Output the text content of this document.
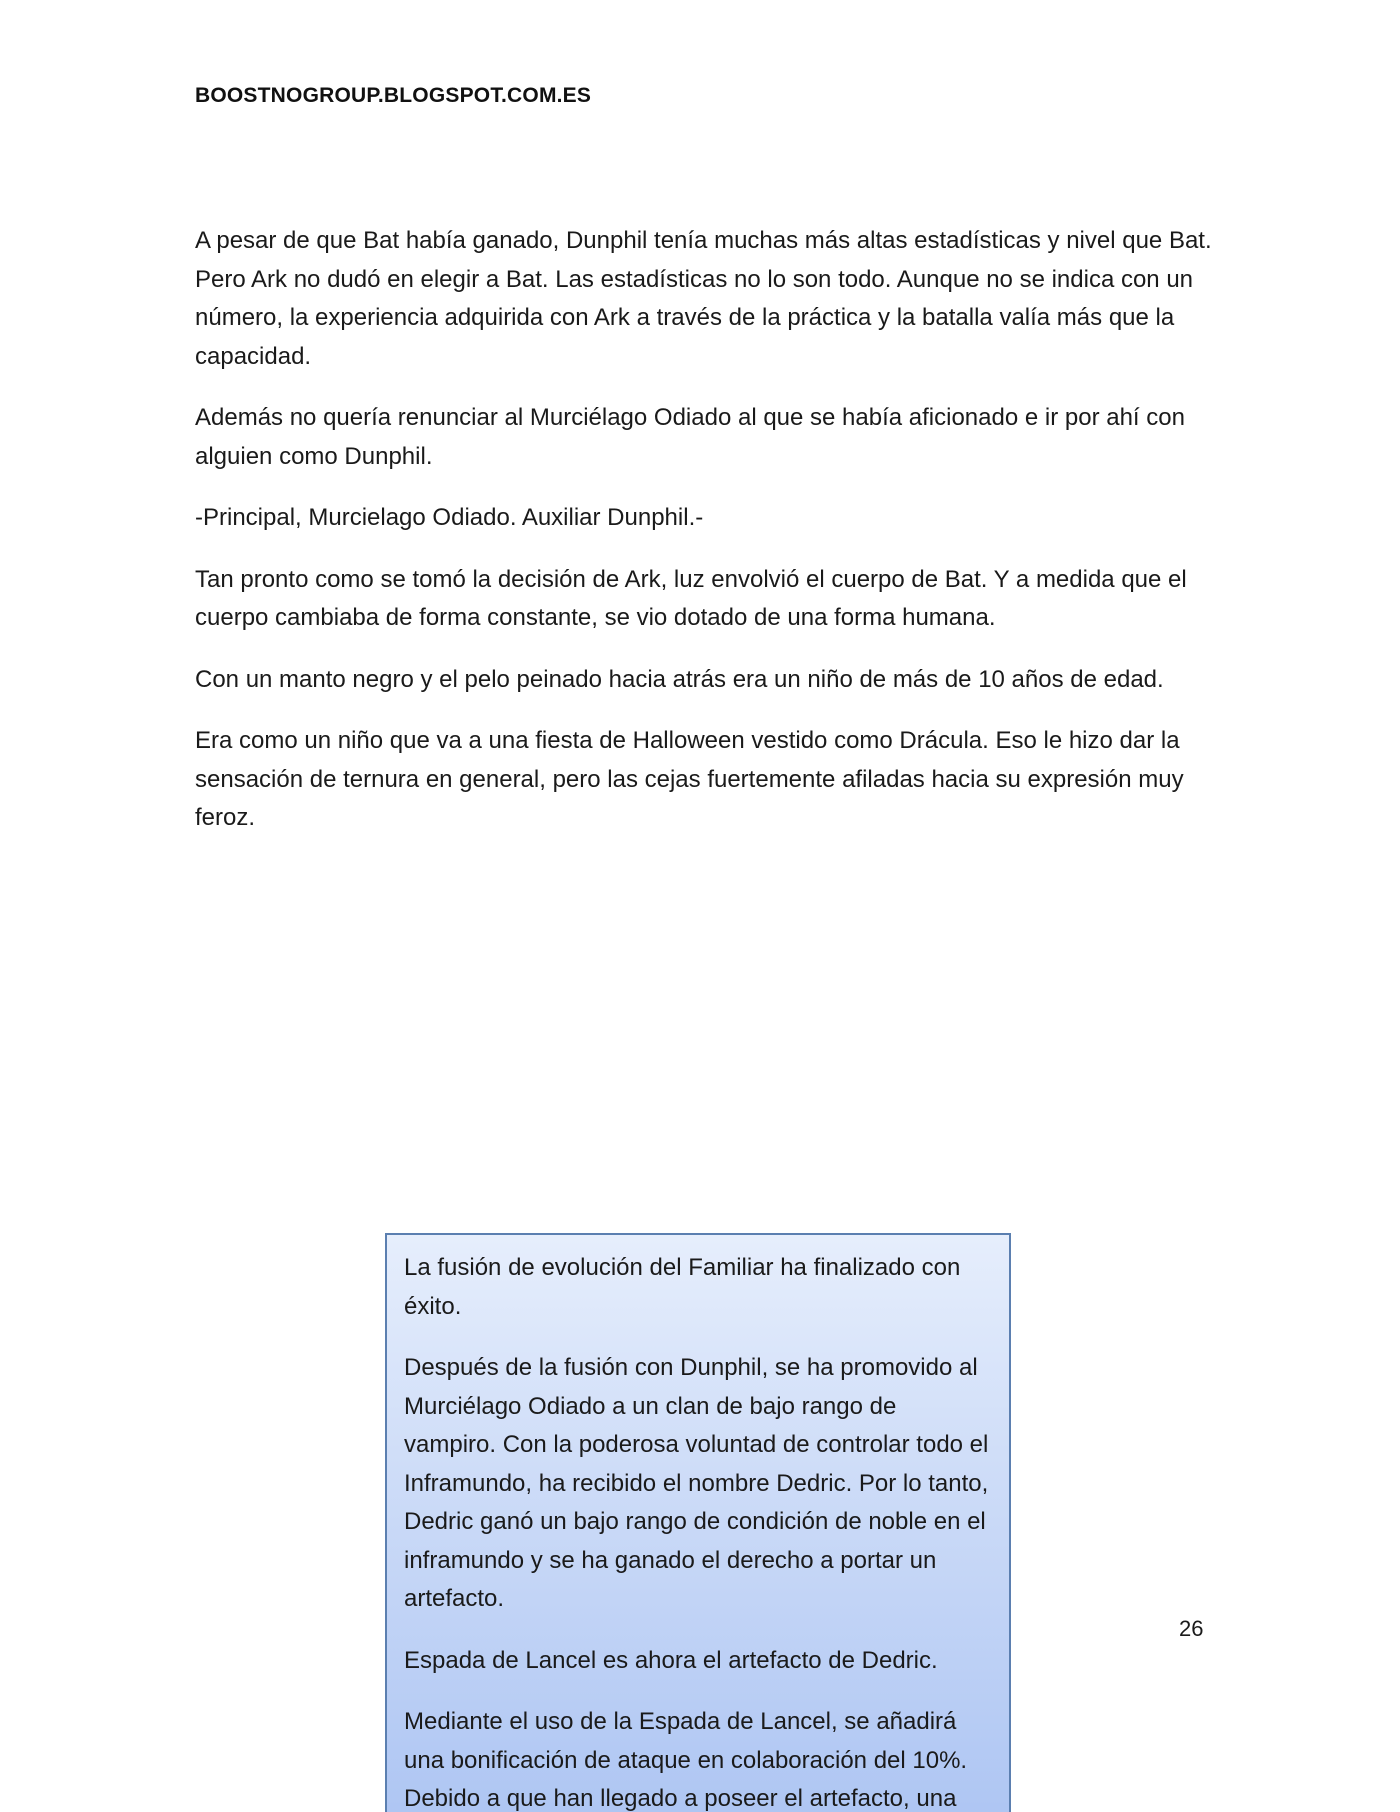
BOOSTNOGROUP.BLOGSPOT.COM.ES

A pesar de que Bat había ganado, Dunphil tenía muchas más altas estadísticas y nivel que Bat. Pero Ark no dudó en elegir a Bat. Las estadísticas no lo son todo. Aunque no se indica con un número, la experiencia adquirida con Ark a través de la práctica y la batalla valía más que la capacidad.

Además no quería renunciar al Murciélago Odiado al que se había aficionado e ir por ahí con alguien como Dunphil.

-Principal, Murcielago Odiado. Auxiliar Dunphil.-

Tan pronto como se tomó la decisión de Ark, luz envolvió el cuerpo de Bat. Y a medida que el cuerpo cambiaba de forma constante, se vio dotado de una forma humana.

Con un manto negro y el pelo peinado hacia atrás era un niño de más de 10 años de edad.

Era como un niño que va a una fiesta de Halloween vestido como Drácula. Eso le hizo dar la sensación de ternura en general, pero las cejas fuertemente afiladas hacia su expresión muy feroz.

La fusión de evolución del Familiar ha finalizado con éxito.

Después de la fusión con Dunphil, se ha promovido al Murciélago Odiado a un clan de bajo rango de vampiro. Con la poderosa voluntad de controlar todo el Inframundo, ha recibido el nombre Dedric. Por lo tanto, Dedric ganó un bajo rango de condición de noble en el inframundo y se ha ganado el derecho a portar un artefacto.

Espada de Lancel es ahora el artefacto de Dedric.

Mediante el uso de la Espada de Lancel, se añadirá una bonificación de ataque en colaboración del 10%. Debido a que han llegado a poseer el artefacto, una

26
